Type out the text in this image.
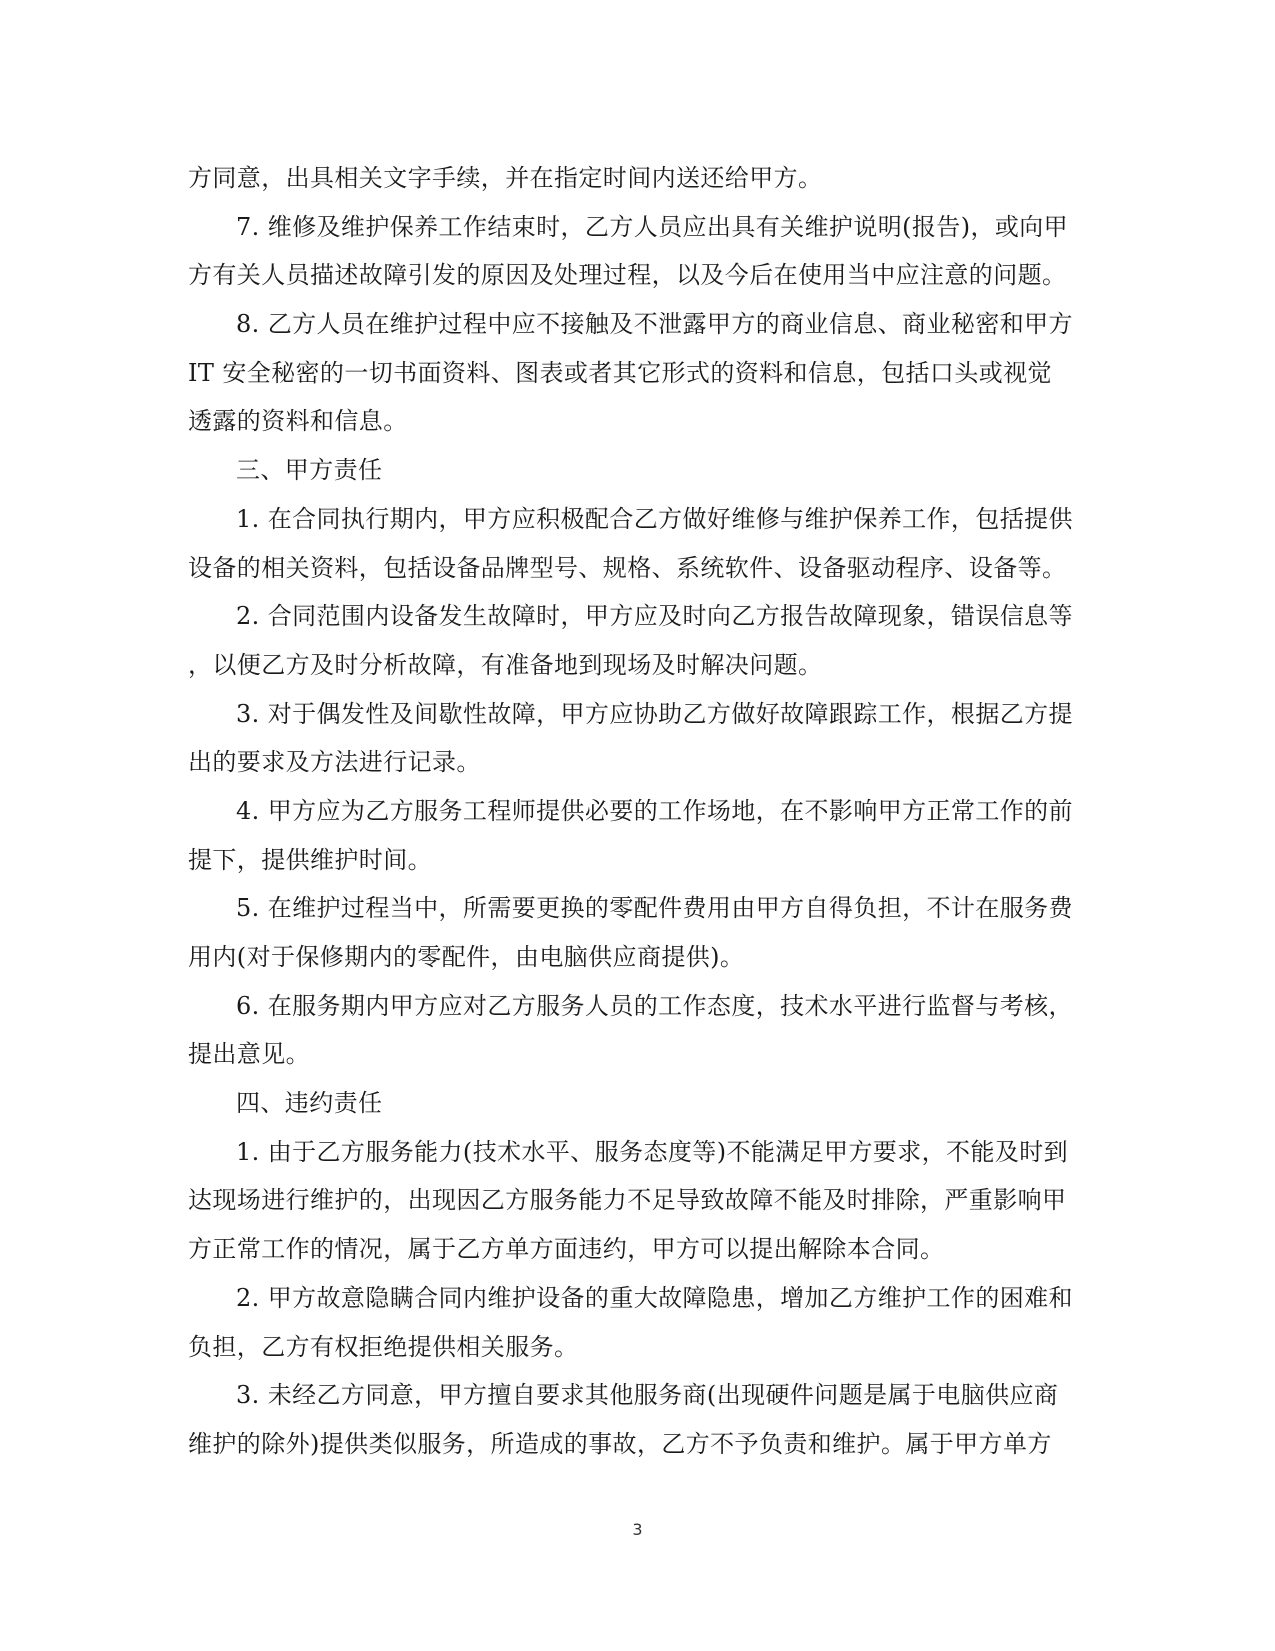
方同意，出具相关文字手续，并在指定时间内送还给甲方。
7. 维修及维护保养工作结束时，乙方人员应出具有关维护说明(报告)，或向甲
方有关人员描述故障引发的原因及处理过程，以及今后在使用当中应注意的问题。
8. 乙方人员在维护过程中应不接触及不泄露甲方的商业信息、商业秘密和甲方
IT 安全秘密的一切书面资料、图表或者其它形式的资料和信息，包括口头或视觉
透露的资料和信息。
三、甲方责任
1. 在合同执行期内，甲方应积极配合乙方做好维修与维护保养工作，包括提供
设备的相关资料，包括设备品牌型号、规格、系统软件、设备驱动程序、设备等。
2. 合同范围内设备发生故障时，甲方应及时向乙方报告故障现象，错误信息等
，以便乙方及时分析故障，有准备地到现场及时解决问题。
3. 对于偶发性及间歇性故障，甲方应协助乙方做好故障跟踪工作，根据乙方提
出的要求及方法进行记录。
4. 甲方应为乙方服务工程师提供必要的工作场地，在不影响甲方正常工作的前
提下，提供维护时间。
5. 在维护过程当中，所需要更换的零配件费用由甲方自得负担，不计在服务费
用内(对于保修期内的零配件，由电脑供应商提供)。
6. 在服务期内甲方应对乙方服务人员的工作态度，技术水平进行监督与考核，
提出意见。
四、违约责任
1. 由于乙方服务能力(技术水平、服务态度等)不能满足甲方要求，不能及时到
达现场进行维护的，出现因乙方服务能力不足导致故障不能及时排除，严重影响甲
方正常工作的情况，属于乙方单方面违约，甲方可以提出解除本合同。
2. 甲方故意隐瞒合同内维护设备的重大故障隐患，增加乙方维护工作的困难和
负担，乙方有权拒绝提供相关服务。
3. 未经乙方同意，甲方擅自要求其他服务商(出现硬件问题是属于电脑供应商
维护的除外)提供类似服务，所造成的事故，乙方不予负责和维护。属于甲方单方
3
